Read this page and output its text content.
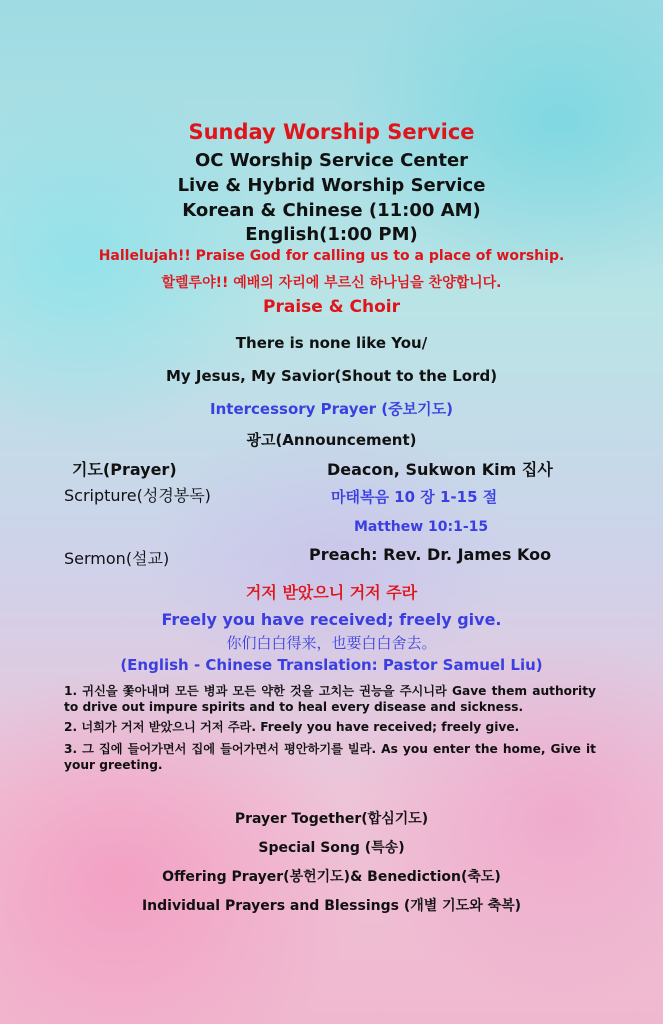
Sunday Worship Service
OC Worship Service Center
Live & Hybrid Worship Service
Korean & Chinese (11:00 AM)
English(1:00 PM)
Hallelujah!! Praise God for calling us to a place of worship.
할렐루야!! 예배의 자리에 부르신 하나님을 찬양합니다.
Praise & Choir
There is none like You/
My Jesus, My Savior(Shout to the Lord)
Intercessory Prayer (중보기도)
광고(Announcement)
기도(Prayer)	Deacon, Sukwon Kim 집사
Scripture(성경봉독)	마태복음 10 장 1-15 절
Matthew 10:1-15
Sermon(설교)	Preach: Rev. Dr. James Koo
거저 받았으니 거저 주라
Freely you have received; freely give.
你们白白得来，也要白白舍去。
(English - Chinese Translation: Pastor Samuel Liu)

1. 귀신을 쫓아내며 모든 병과 모든 약한 것을 고치는 권능을 주시니라 Gave them authority to drive out impure spirits and to heal every disease and sickness.

2. 너희가 거저 받았으니 거저 주라. Freely you have received; freely give.

3. 그 집에 들어가면서 집에 들어가면서 평안하기를 빌라. As you enter the home, Give it your greeting.

Prayer Together(합심기도)
Special Song (특송)
Offering Prayer(봉헌기도)& Benediction(축도)
Individual Prayers and Blessings (개별 기도와 축복)
